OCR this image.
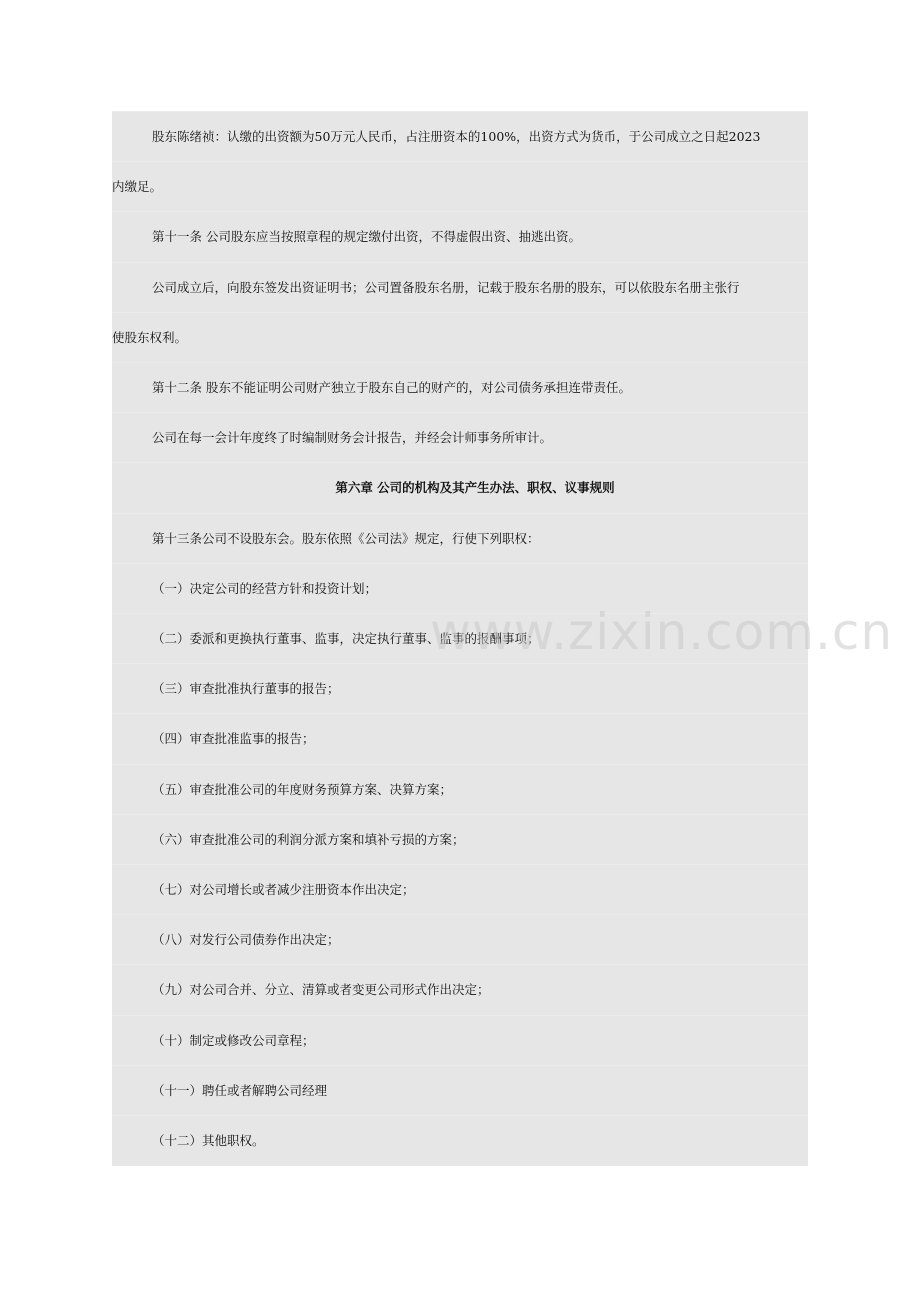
股东陈绪祯：认缴的出资额为50万元人民币，占注册资本的100%，出资方式为货币，于公司成立之日起2023
内缴足。
第十一条 公司股东应当按照章程的规定缴付出资，不得虚假出资、抽逃出资。
公司成立后，向股东签发出资证明书；公司置备股东名册，记载于股东名册的股东，可以依股东名册主张行
使股东权利。
第十二条 股东不能证明公司财产独立于股东自己的财产的，对公司债务承担连带责任。
公司在每一会计年度终了时编制财务会计报告，并经会计师事务所审计。
第六章 公司的机构及其产生办法、职权、议事规则
第十三条公司不设股东会。股东依照《公司法》规定，行使下列职权：
（一）决定公司的经营方针和投资计划；
（二）委派和更换执行董事、监事，决定执行董事、监事的报酬事项；
（三）审查批准执行董事的报告；
（四）审查批准监事的报告；
（五）审查批准公司的年度财务预算方案、决算方案；
（六）审查批准公司的利润分派方案和填补亏损的方案；
（七）对公司增长或者减少注册资本作出决定；
（八）对发行公司债券作出决定；
（九）对公司合并、分立、清算或者变更公司形式作出决定；
（十）制定或修改公司章程；
（十一）聘任或者解聘公司经理
（十二）其他职权。
www.zixin.com.cn
